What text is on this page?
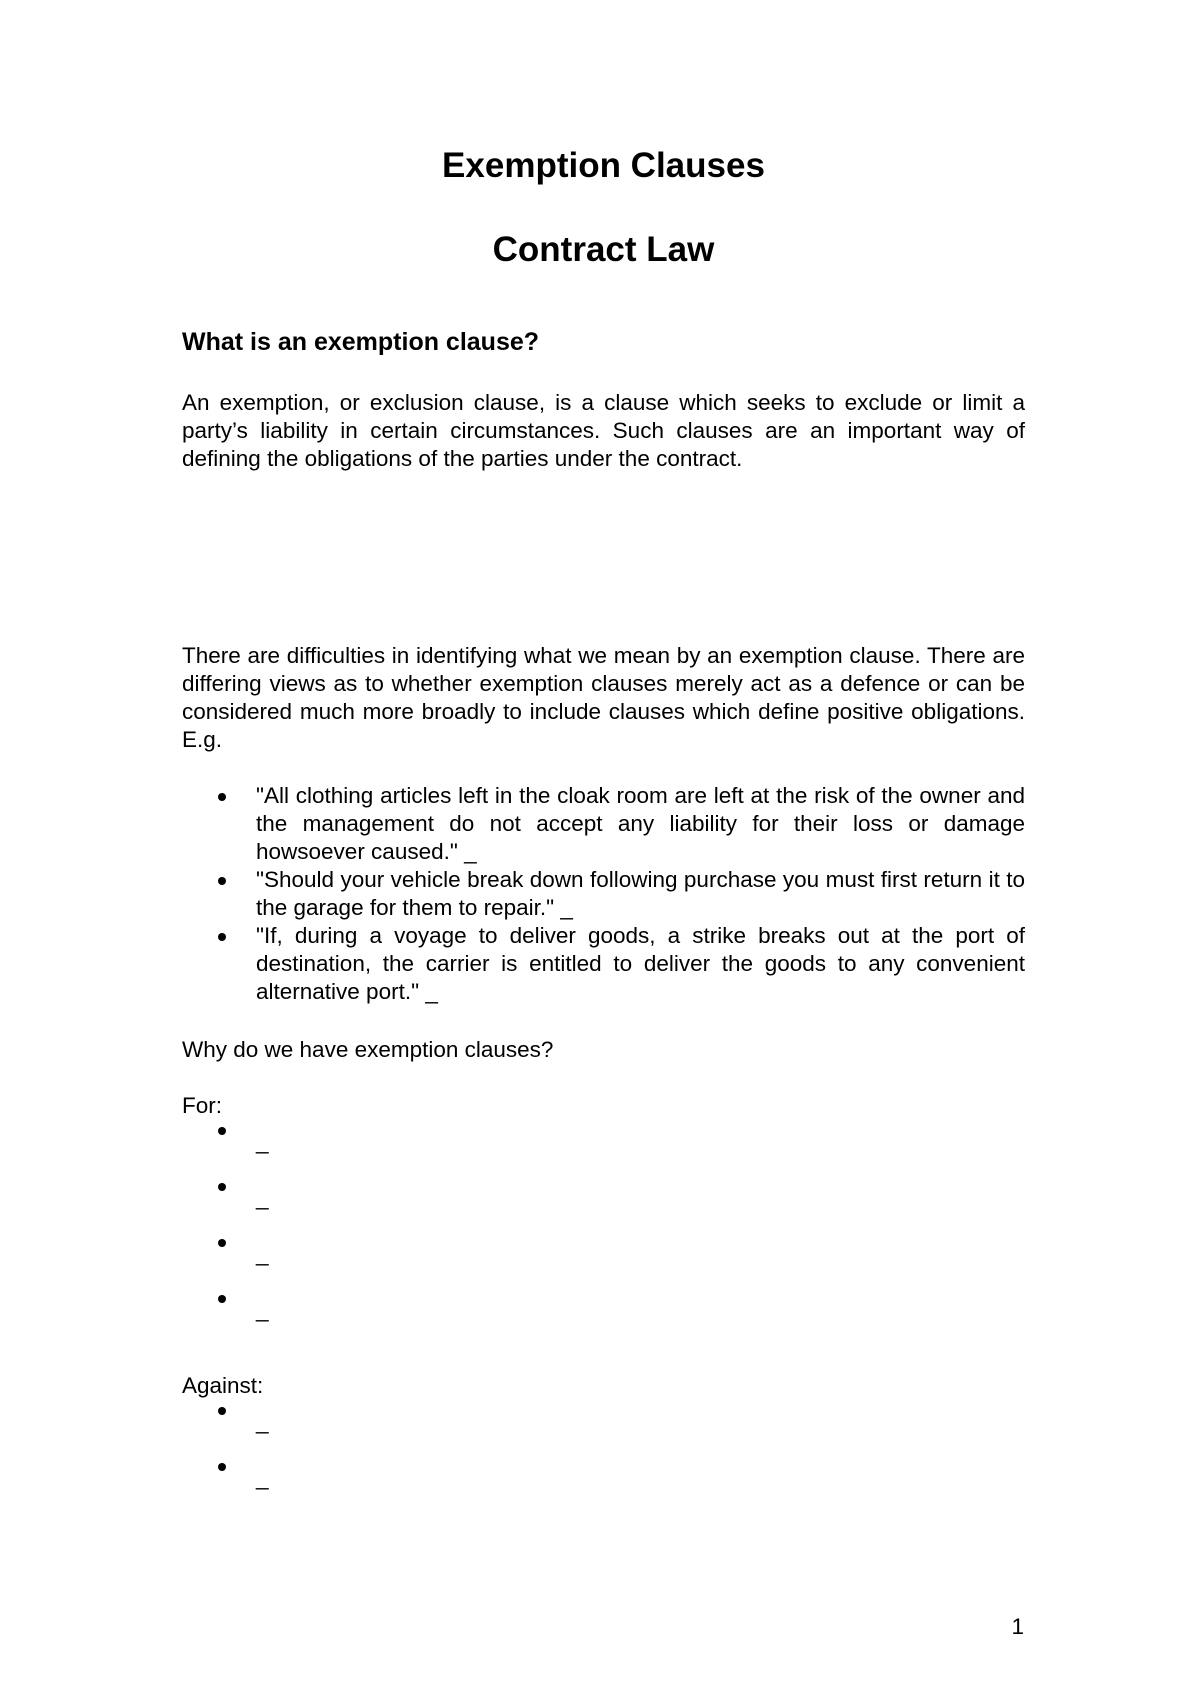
Exemption Clauses
Contract Law
What is an exemption clause?

An exemption, or exclusion clause, is a clause which seeks to exclude or limit a party’s liability in certain circumstances. Such clauses are an important way of defining the obligations of the parties under the contract.

There are difficulties in identifying what we mean by an exemption clause. There are differing views as to whether exemption clauses merely act as a defence or can be considered much more broadly to include clauses which define positive obligations. E.g.

"All clothing articles left in the cloak room are left at the risk of the owner and the management do not accept any liability for their loss or damage howsoever caused." _
"Should your vehicle break down following purchase you must first return it to the garage for them to repair." _
"If, during a voyage to deliver goods, a strike breaks out at the port of destination, the carrier is entitled to deliver the goods to any convenient alternative port." _

Why do we have exemption clauses?

For:

_
_
_
_

Against:

_
_

1
